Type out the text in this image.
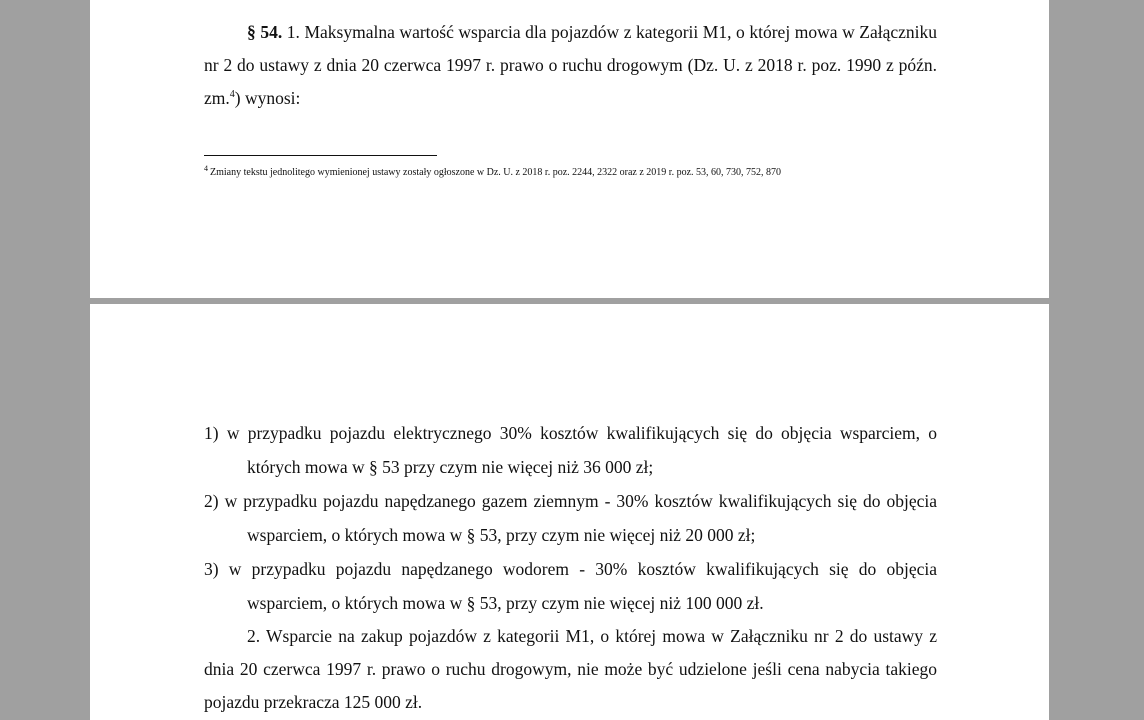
§ 54. 1. Maksymalna wartość wsparcia dla pojazdów z kategorii M1, o której mowa w Załączniku nr 2 do ustawy z dnia 20 czerwca 1997 r. prawo o ruchu drogowym (Dz. U. z 2018 r. poz. 1990 z późn. zm.$^4$) wynosi:

$^4$ Zmiany tekstu jednolitego wymienionej ustawy zostały ogłoszone w Dz. U. z 2018 r. poz. 2244, 2322 oraz z 2019 r. poz. 53, 60, 730, 752, 870

1) w przypadku pojazdu elektrycznego 30% kosztów kwalifikujących się do objęcia wsparciem, o których mowa w § 53 przy czym nie więcej niż 36 000 zł;

2) w przypadku pojazdu napędzanego gazem ziemnym - 30% kosztów kwalifikujących się do objęcia wsparciem, o których mowa w § 53, przy czym nie więcej niż 20 000 zł;

3) w przypadku pojazdu napędzanego wodorem - 30% kosztów kwalifikujących się do objęcia wsparciem, o których mowa w § 53, przy czym nie więcej niż 100 000 zł.

2. Wsparcie na zakup pojazdów z kategorii M1, o której mowa w Załączniku nr 2 do ustawy z dnia 20 czerwca 1997 r. prawo o ruchu drogowym, nie może być udzielone jeśli cena nabycia takiego pojazdu przekracza 125 000 zł.
